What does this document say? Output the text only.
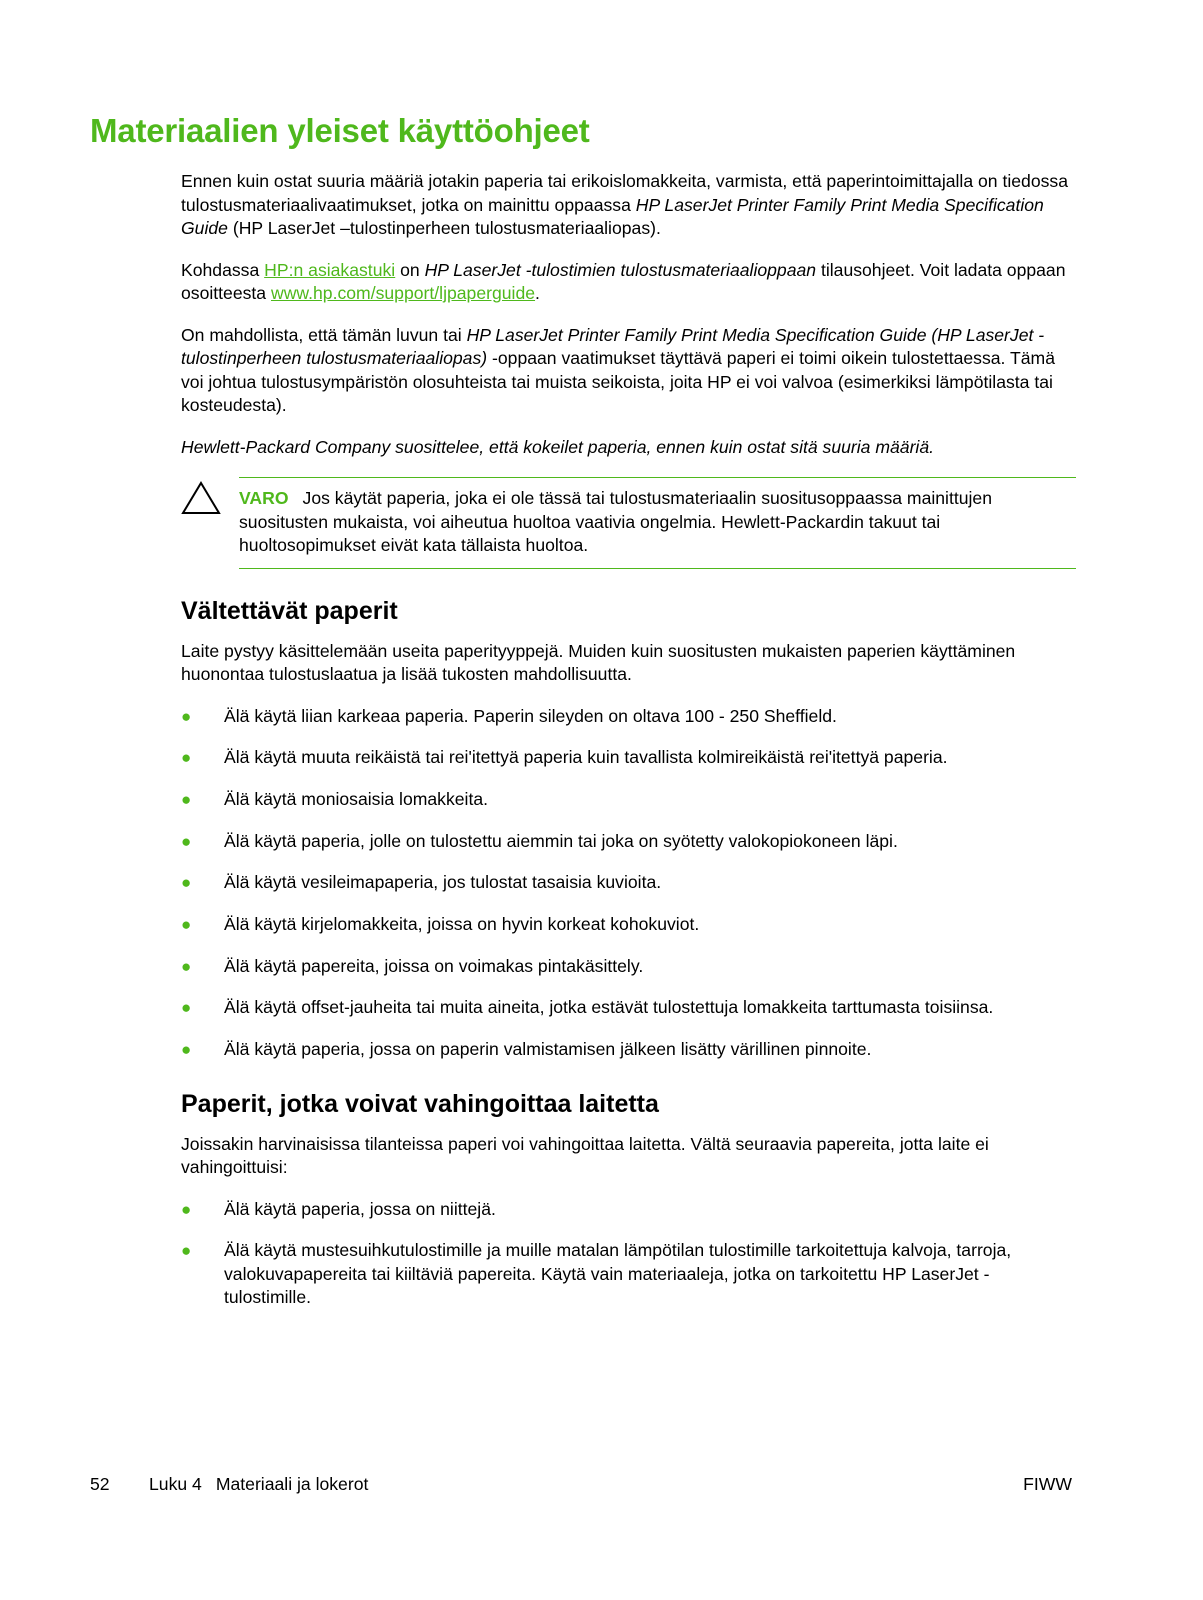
Materiaalien yleiset käyttöohjeet

Ennen kuin ostat suuria määriä jotakin paperia tai erikoislomakkeita, varmista, että paperintoimittajalla on tiedossa tulostusmateriaalivaatimukset, jotka on mainittu oppaassa HP LaserJet Printer Family Print Media Specification Guide (HP LaserJet –tulostinperheen tulostusmateriaaliopas).

Kohdassa HP:n asiakastuki on HP LaserJet -tulostimien tulostusmateriaalioppaan tilausohjeet. Voit ladata oppaan osoitteesta www.hp.com/support/ljpaperguide.

On mahdollista, että tämän luvun tai HP LaserJet Printer Family Print Media Specification Guide (HP LaserJet -tulostinperheen tulostusmateriaaliopas) -oppaan vaatimukset täyttävä paperi ei toimi oikein tulostettaessa. Tämä voi johtua tulostusympäristön olosuhteista tai muista seikoista, joita HP ei voi valvoa (esimerkiksi lämpötilasta tai kosteudesta).

Hewlett-Packard Company suosittelee, että kokeilet paperia, ennen kuin ostat sitä suuria määriä.

VARO Jos käytät paperia, joka ei ole tässä tai tulostusmateriaalin suositusoppaassa mainittujen suositusten mukaista, voi aiheutua huoltoa vaativia ongelmia. Hewlett-Packardin takuut tai huoltosopimukset eivät kata tällaista huoltoa.
Vältettävät paperit

Laite pystyy käsittelemään useita paperityyppejä. Muiden kuin suositusten mukaisten paperien käyttäminen huonontaa tulostuslaatua ja lisää tukosten mahdollisuutta.

● Älä käytä liian karkeaa paperia. Paperin sileyden on oltava 100 - 250 Sheffield.
● Älä käytä muuta reikäistä tai rei'itettyä paperia kuin tavallista kolmireikäistä rei'itettyä paperia.
● Älä käytä moniosaisia lomakkeita.
● Älä käytä paperia, jolle on tulostettu aiemmin tai joka on syötetty valokopiokoneen läpi.
● Älä käytä vesileimapaperia, jos tulostat tasaisia kuvioita.
● Älä käytä kirjelomakkeita, joissa on hyvin korkeat kohokuviot.
● Älä käytä papereita, joissa on voimakas pintakäsittely.
● Älä käytä offset-jauheita tai muita aineita, jotka estävät tulostettuja lomakkeita tarttumasta toisiinsa.
● Älä käytä paperia, jossa on paperin valmistamisen jälkeen lisätty värillinen pinnoite.
Paperit, jotka voivat vahingoittaa laitetta

Joissakin harvinaisissa tilanteissa paperi voi vahingoittaa laitetta. Vältä seuraavia papereita, jotta laite ei vahingoittuisi:

● Älä käytä paperia, jossa on niittejä.
● Älä käytä mustesuihkutulostimille ja muille matalan lämpötilan tulostimille tarkoitettuja kalvoja, tarroja, valokuvapapereita tai kiiltäviä papereita. Käytä vain materiaaleja, jotka on tarkoitettu HP LaserJet -tulostimille.
52 Luku 4 Materiaali ja lokerot	FIWW
